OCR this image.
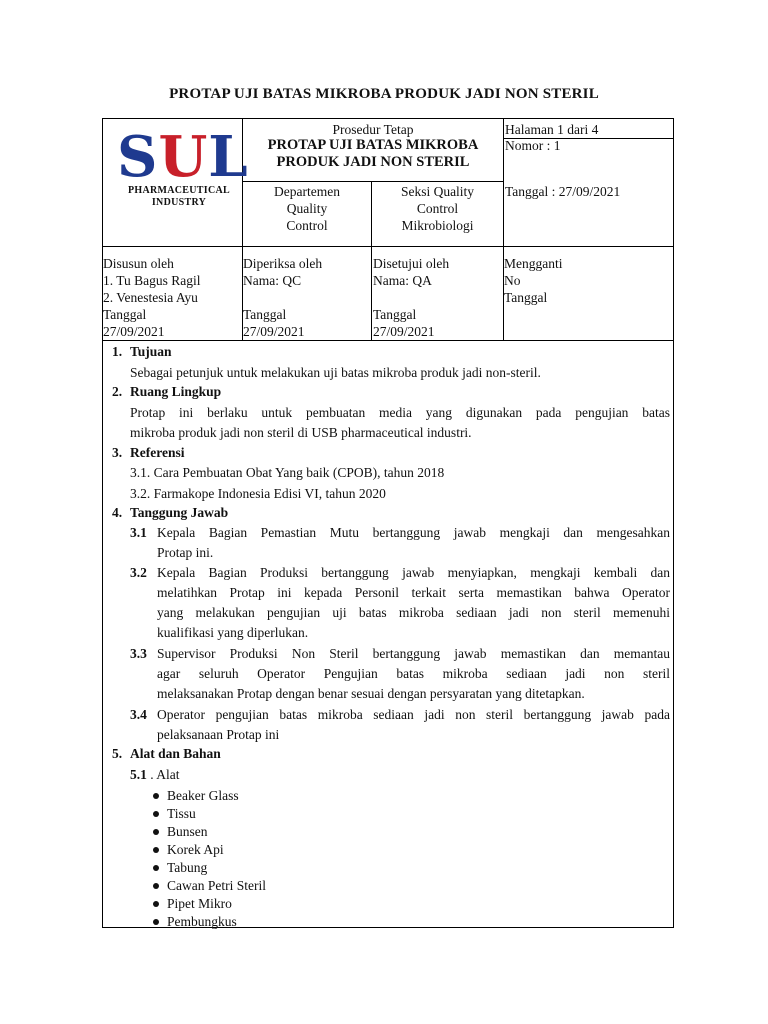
PROTAP UJI BATAS MIKROBA PRODUK JADI NON STERIL
SUL
PHARMACEUTICAL INDUSTRY
Prosedur Tetap
PROTAP UJI BATAS MIKROBA
PRODUK JADI NON STERIL
Halaman 1 dari 4
Nomor : 1
Tanggal : 27/09/2021
Departemen
Quality
Control
Seksi Quality
Control
Mikrobiologi
Disusun oleh
1. Tu Bagus Ragil
2. Venestesia Ayu
Tanggal
27/09/2021
Diperiksa oleh
Nama: QC
Tanggal
27/09/2021
Disetujui oleh
Nama: QA
Tanggal
27/09/2021
Mengganti
No
Tanggal
1. Tujuan
Sebagai petunjuk untuk melakukan uji batas mikroba produk jadi non-steril.
2. Ruang Lingkup
Protap ini berlaku untuk pembuatan media yang digunakan pada pengujian batas
mikroba produk jadi non steril di USB pharmaceutical industri.
3. Referensi
3.1. Cara Pembuatan Obat Yang baik (CPOB), tahun 2018
3.2. Farmakope Indonesia Edisi VI, tahun 2020
4. Tanggung Jawab
3.1 Kepala Bagian Pemastian Mutu bertanggung jawab mengkaji dan mengesahkan
Protap ini.
3.2 Kepala Bagian Produksi bertanggung jawab menyiapkan, mengkaji kembali dan
melatihkan Protap ini kepada Personil terkait serta memastikan bahwa Operator
yang melakukan pengujian uji batas mikroba sediaan jadi non steril memenuhi
kualifikasi yang diperlukan.
3.3 Supervisor Produksi Non Steril bertanggung jawab memastikan dan memantau
agar seluruh Operator Pengujian batas mikroba sediaan jadi non steril
melaksanakan Protap dengan benar sesuai dengan persyaratan yang ditetapkan.
3.4 Operator pengujian batas mikroba sediaan jadi non steril bertanggung jawab pada
pelaksanaan Protap ini
5. Alat dan Bahan
5.1 . Alat
Beaker Glass
Tissu
Bunsen
Korek Api
Tabung
Cawan Petri Steril
Pipet Mikro
Pembungkus
